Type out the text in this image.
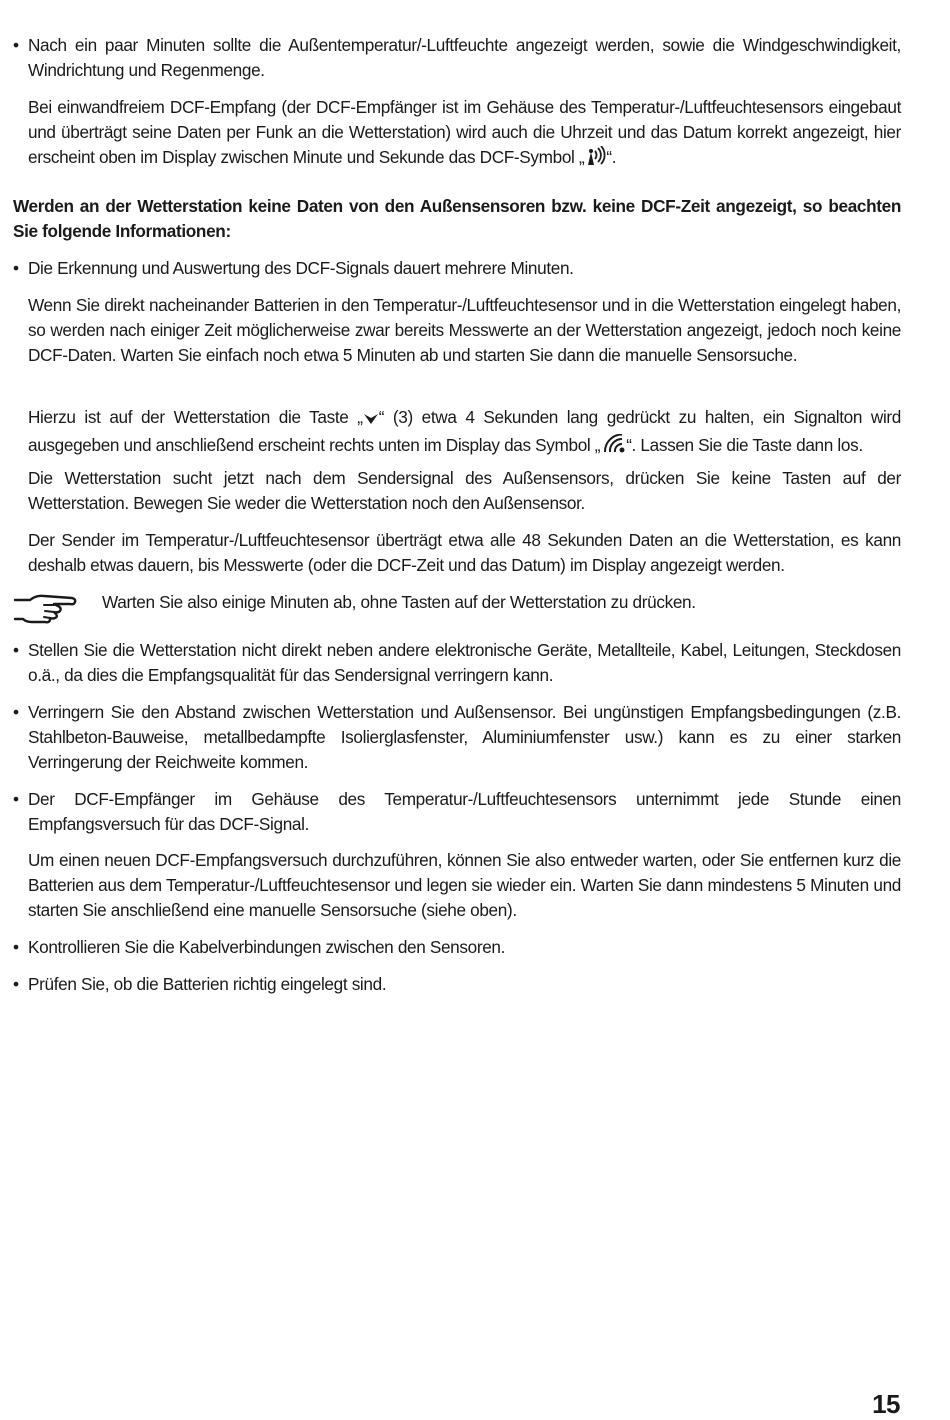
• Nach ein paar Minuten sollte die Außentemperatur/-Luftfeuchte angezeigt werden, sowie die Windgeschwindigkeit, Windrichtung und Regenmenge.
Bei einwandfreiem DCF-Empfang (der DCF-Empfänger ist im Gehäuse des Temperatur-/Luftfeuchtesensors eingebaut und überträgt seine Daten per Funk an die Wetterstation) wird auch die Uhrzeit und das Datum korrekt angezeigt, hier erscheint oben im Display zwischen Minute und Sekunde das DCF-Symbol „ “.
Werden an der Wetterstation keine Daten von den Außensensoren bzw. keine DCF-Zeit angezeigt, so beachten Sie folgende Informationen:
• Die Erkennung und Auswertung des DCF-Signals dauert mehrere Minuten.
Wenn Sie direkt nacheinander Batterien in den Temperatur-/Luftfeuchtesensor und in die Wetterstation eingelegt haben, so werden nach einiger Zeit möglicherweise zwar bereits Messwerte an der Wetterstation angezeigt, jedoch noch keine DCF-Daten. Warten Sie einfach noch etwa 5 Minuten ab und starten Sie dann die manuelle Sensorsuche.
Hierzu ist auf der Wetterstation die Taste „ “ (3) etwa 4 Sekunden lang gedrückt zu halten, ein Signalton wird ausgegeben und anschließend erscheint rechts unten im Display das Symbol „ “. Lassen Sie die Taste dann los.
Die Wetterstation sucht jetzt nach dem Sendersignal des Außensensors, drücken Sie keine Tasten auf der Wetterstation. Bewegen Sie weder die Wetterstation noch den Außensensor.
Der Sender im Temperatur-/Luftfeuchtesensor überträgt etwa alle 48 Sekunden Daten an die Wetterstation, es kann deshalb etwas dauern, bis Messwerte (oder die DCF-Zeit und das Datum) im Display angezeigt werden.
Warten Sie also einige Minuten ab, ohne Tasten auf der Wetterstation zu drücken.
• Stellen Sie die Wetterstation nicht direkt neben andere elektronische Geräte, Metallteile, Kabel, Leitungen, Steckdosen o.ä., da dies die Empfangsqualität für das Sendersignal verringern kann.
• Verringern Sie den Abstand zwischen Wetterstation und Außensensor. Bei ungünstigen Empfangsbedingungen (z.B. Stahlbeton-Bauweise, metallbedampfte Isolierglasfenster, Aluminiumfenster usw.) kann es zu einer starken Verringerung der Reichweite kommen.
• Der DCF-Empfänger im Gehäuse des Temperatur-/Luftfeuchtesensors unternimmt jede Stunde einen Empfangsversuch für das DCF-Signal.
Um einen neuen DCF-Empfangsversuch durchzuführen, können Sie also entweder warten, oder Sie entfernen kurz die Batterien aus dem Temperatur-/Luftfeuchtesensor und legen sie wieder ein. Warten Sie dann mindestens 5 Minuten und starten Sie anschließend eine manuelle Sensorsuche (siehe oben).
• Kontrollieren Sie die Kabelverbindungen zwischen den Sensoren.
• Prüfen Sie, ob die Batterien richtig eingelegt sind.
15
